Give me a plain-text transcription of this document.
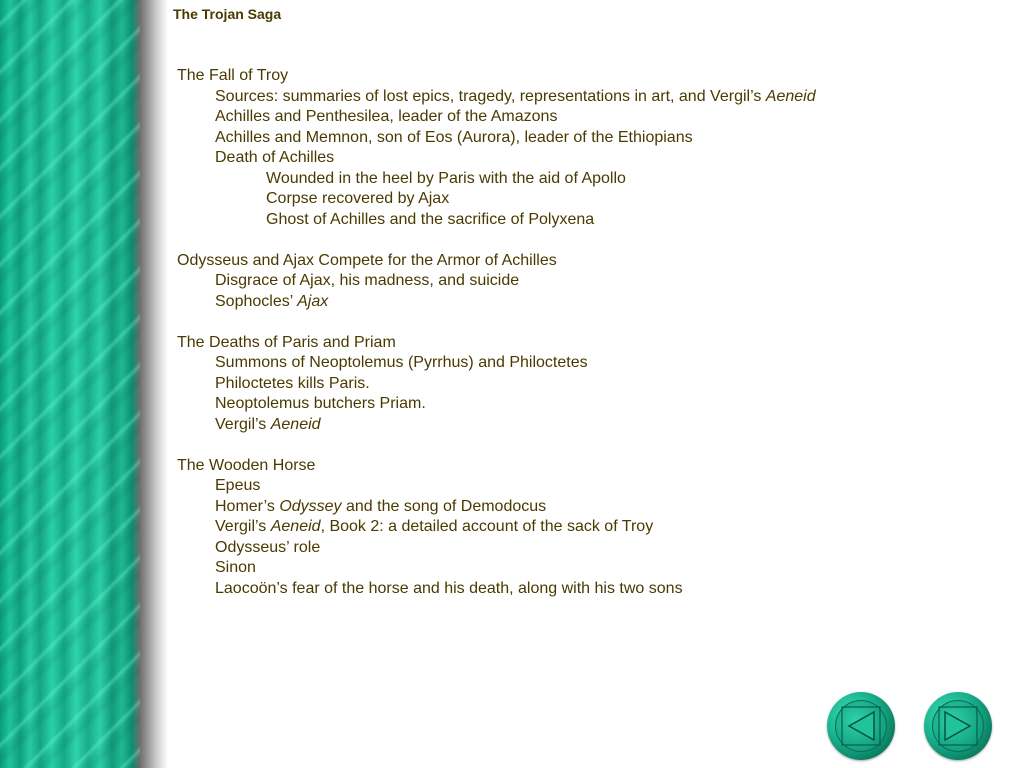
The Trojan Saga
The Fall of Troy
Sources: summaries of lost epics, tragedy, representations in art, and Vergil’s Aeneid
Achilles and Penthesilea, leader of the Amazons
Achilles and Memnon, son of Eos (Aurora), leader of the Ethiopians
Death of Achilles
Wounded in the heel by Paris with the aid of Apollo
Corpse recovered by Ajax
Ghost of Achilles and the sacrifice of Polyxena
Odysseus and Ajax Compete for the Armor of Achilles
Disgrace of Ajax, his madness, and suicide
Sophocles’ Ajax
The Deaths of Paris and Priam
Summons of Neoptolemus (Pyrrhus) and Philoctetes
Philoctetes kills Paris.
Neoptolemus butchers Priam.
Vergil’s Aeneid
The Wooden Horse
Epeus
Homer’s Odyssey and the song of Demodocus
Vergil’s Aeneid, Book 2: a detailed account of the sack of Troy
Odysseus’ role
Sinon
Laocoön’s fear of the horse and his death, along with his two sons
